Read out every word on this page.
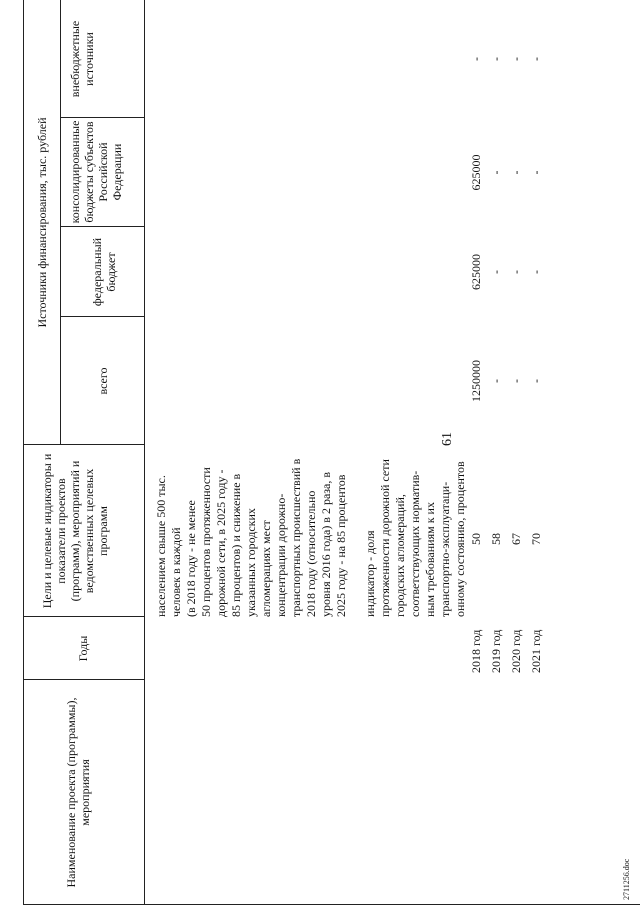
61
2711256.doc
Наименование проекта (программы), мероприятия
Годы
Цели и целевые индикаторы и показатели проектов (программ), мероприятий и ведомственных целевых программ
Источники финансирования, тыс. рублей
всего
федеральный бюджет
консолидированные бюджеты субъектов Российской Федерации
внебюджетные источники

населением свыше 500 тыс. человек в каждой (в 2018 году - не менее 50 процентов протяженности дорожной сети, в 2025 году - 85 процентов) и снижение в указанных городских агломерациях мест концентрации дорожно- транспортных происшествий в 2018 году (относительно уровня 2016 года) в 2 раза, в 2025 году - на 85 процентов индикатор - доля протяженности дорожной сети городских агломераций, соответствующих норматив- ным требованиям к их транспортно-эксплуатаци- онному состоянию, процентов

2018 год
50
1250000
625000
625000
-
2019 год
58
-
-
-
-
2020 год
67
-
-
-
-
2021 год
70
-
-
-
-
